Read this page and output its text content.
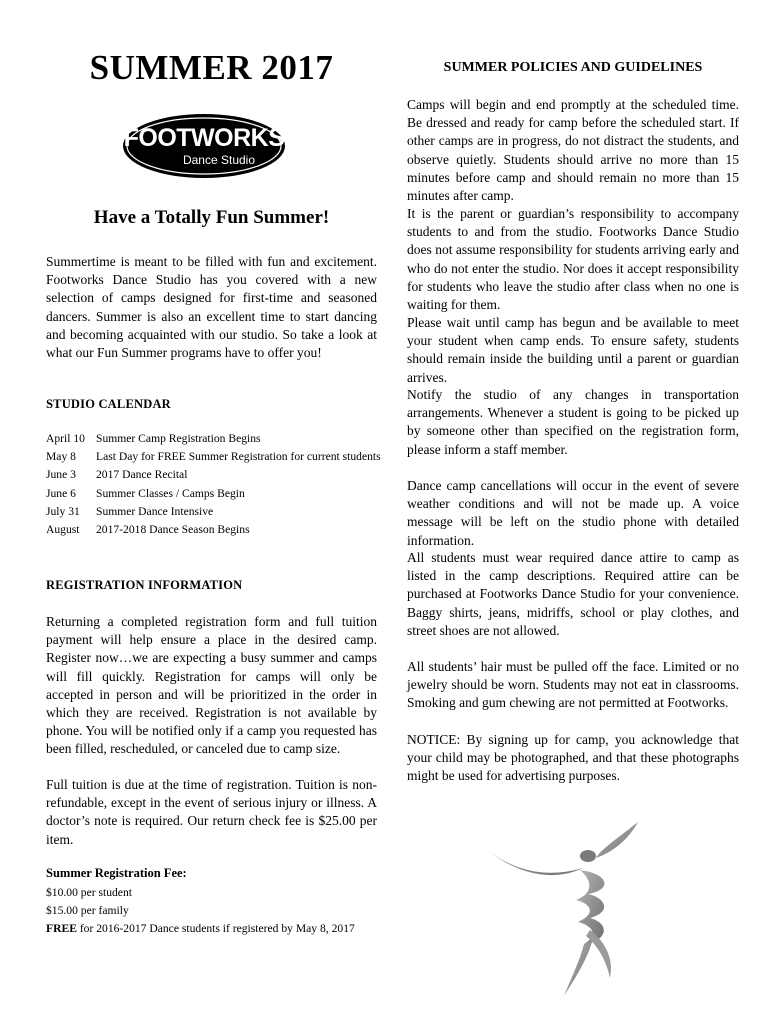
SUMMER 2017
FOOTWORKS
Dance Studio
Have a Totally Fun Summer!

Summertime is meant to be filled with fun and excitement. Footworks Dance Studio has you covered with a new selection of camps designed for first-time and seasoned dancers. Summer is also an excellent time to start dancing and becoming acquainted with our studio. So take a look at what our Fun Summer programs have to offer you!

STUDIO CALENDAR
April 10	Summer Camp Registration Begins
May 8	Last Day for FREE Summer Registration for current students
June 3	2017 Dance Recital
June 6	Summer Classes / Camps Begin
July 31	Summer Dance Intensive
August	2017-2018 Dance Season Begins
REGISTRATION INFORMATION

Returning a completed registration form and full tuition payment will help ensure a place in the desired camp. Register now…we are expecting a busy summer and camps will fill quickly. Registration for camps will only be accepted in person and will be prioritized in the order in which they are received. Registration is not available by phone. You will be notified only if a camp you requested has been filled, rescheduled, or canceled due to camp size.

Full tuition is due at the time of registration. Tuition is non-refundable, except in the event of serious injury or illness. A doctor’s note is required. Our return check fee is $25.00 per item.

Summer Registration Fee:

$10.00 per student

$15.00 per family

FREE for 2016-2017 Dance students if registered by May 8, 2017

SUMMER POLICIES AND GUIDELINES

Camps will begin and end promptly at the scheduled time. Be dressed and ready for camp before the scheduled start. If other camps are in progress, do not distract the students, and observe quietly. Students should arrive no more than 15 minutes before camp and should remain no more than 15 minutes after camp.

It is the parent or guardian’s responsibility to accompany students to and from the studio. Footworks Dance Studio does not assume responsibility for students arriving early and who do not enter the studio. Nor does it accept responsibility for students who leave the studio after class when no one is waiting for them.

Please wait until camp has begun and be available to meet your student when camp ends. To ensure safety, students should remain inside the building until a parent or guardian arrives.

Notify the studio of any changes in transportation arrangements. Whenever a student is going to be picked up by someone other than specified on the registration form, please inform a staff member.

Dance camp cancellations will occur in the event of severe weather conditions and will not be made up. A voice message will be left on the studio phone with detailed information.

All students must wear required dance attire to camp as listed in the camp descriptions. Required attire can be purchased at Footworks Dance Studio for your convenience. Baggy shirts, jeans, midriffs, school or play clothes, and street shoes are not allowed.

All students’ hair must be pulled off the face. Limited or no jewelry should be worn. Students may not eat in classrooms. Smoking and gum chewing are not permitted at Footworks.

NOTICE: By signing up for camp, you acknowledge that your child may be photographed, and that these photographs might be used for advertising purposes.
